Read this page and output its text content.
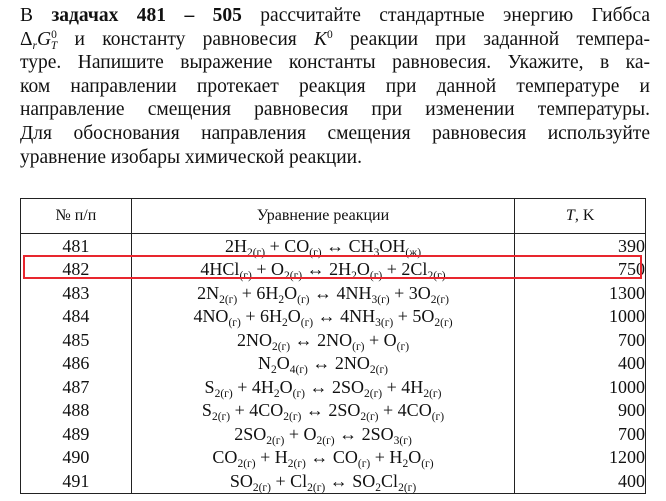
В задачах 481 – 505 рассчитайте стандартные энергию Гиббса
$\Delta_rG^0_T$ и константу равновесия $K^0$ реакции при заданной темпера-
туре. Напишите выражение константы равновесия. Укажите, в ка-
ком направлении протекает реакция при данной температуре и
направление смещения равновесия при изменении температуры.
Для обоснования направления смещения равновесия используйте
уравнение изобары химической реакции.
№ п/п	Уравнение реакции	T, K
481	$2H_{2(г)} + CO_{(г)}$ ↔ $CH_3OH_{(ж)}$	390
482	$4HCl_{(г)} + O_{2(г)}$ ↔ $2H_2O_{(г)} + 2Cl_{2(г)}$	750
483	$2N_{2(г)} + 6H_2O_{(г)}$ ↔ $4NH_{3(г)} + 3O_{2(г)}$	1300
484	$4NO_{(г)} + 6H_2O_{(г)}$ ↔ $4NH_{3(г)} + 5O_{2(г)}$	1000
485	$2NO_{2(г)}$ ↔ $2NO_{(г)} + O_{(г)}$	700
486	$N_2O_{4(г)}$ ↔ $2NO_{2(г)}$	400
487	$S_{2(г)} + 4H_2O_{(г)}$ ↔ $2SO_{2(г)} + 4H_{2(г)}$	1000
488	$S_{2(г)} + 4CO_{2(г)}$ ↔ $2SO_{2(г)} + 4CO_{(г)}$	900
489	$2SO_{2(г)} + O_{2(г)}$ ↔ $2SO_{3(г)}$	700
490	$CO_{2(г)} + H_{2(г)}$ ↔ $CO_{(г)} + H_2O_{(г)}$	1200
491	$SO_{2(г)} + Cl_{2(г)}$ ↔ $SO_2Cl_{2(г)}$	400
